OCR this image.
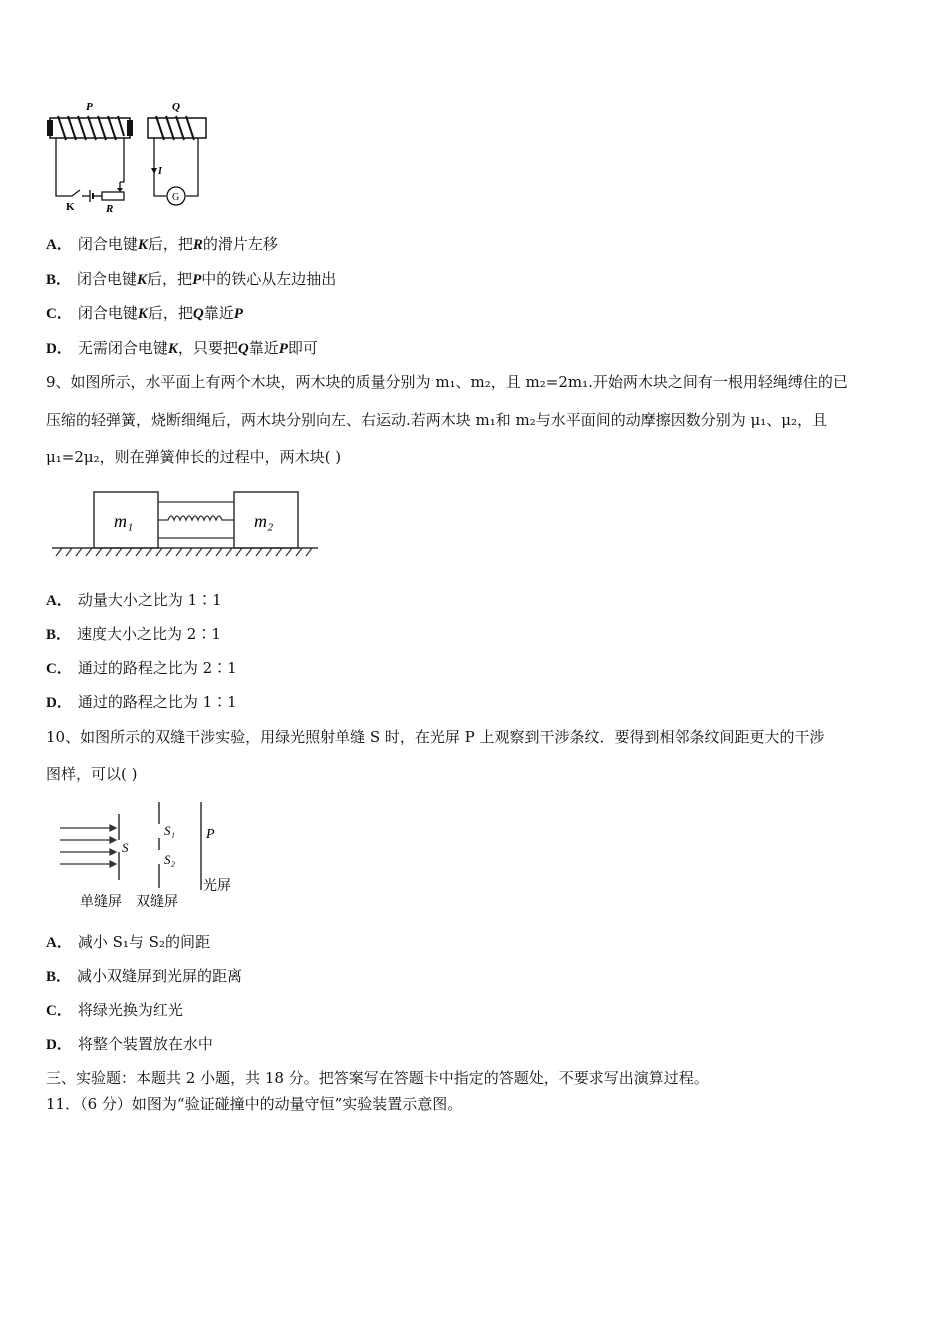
P
K	R
Q
I
G
A． 闭合电键K后，把R的滑片左移
B． 闭合电键K后，把P中的铁心从左边抽出
C． 闭合电键K后，把Q靠近P
D． 无需闭合电键K，只要把Q靠近P即可
9、如图所示，水平面上有两个木块，两木块的质量分别为 m₁、m₂，且 m₂=2m₁.开始两木块之间有一根用轻绳缚住的已
压缩的轻弹簧，烧断细绳后，两木块分别向左、右运动.若两木块 m₁和 m₂与水平面间的动摩擦因数分别为 μ₁、μ₂，且
μ₁=2μ₂，则在弹簧伸长的过程中，两木块( )
m₁	m₂
A． 动量大小之比为 1∶1
B． 速度大小之比为 2∶1
C． 通过的路程之比为 2∶1
D． 通过的路程之比为 1∶1
10、如图所示的双缝干涉实验，用绿光照射单缝 S 时，在光屏 P 上观察到干涉条纹．要得到相邻条纹间距更大的干涉
图样，可以( )
S
S₁
S₂
P
光屏
单缝屏 双缝屏
A． 减小 S₁与 S₂的间距
B． 减小双缝屏到光屏的距离
C． 将绿光换为红光
D． 将整个装置放在水中
三、实验题：本题共 2 小题，共 18 分。把答案写在答题卡中指定的答题处，不要求写出演算过程。
11．（6 分）如图为“验证碰撞中的动量守恒”实验装置示意图。
